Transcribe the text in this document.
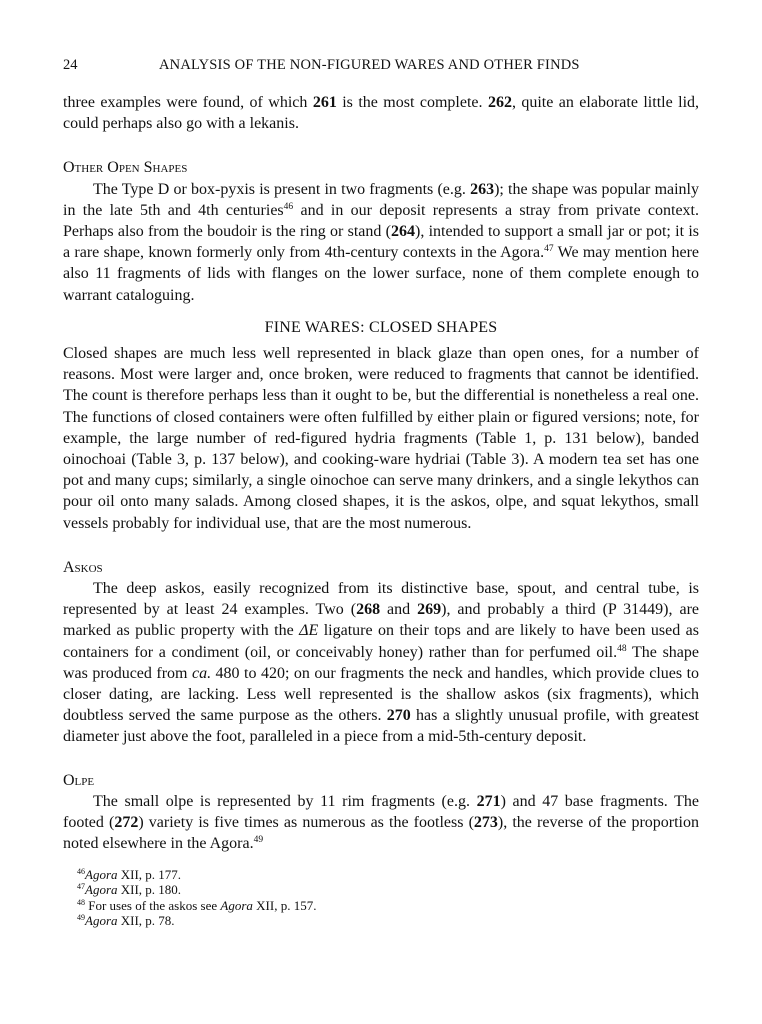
24	ANALYSIS OF THE NON-FIGURED WARES AND OTHER FINDS

three examples were found, of which 261 is the most complete. 262, quite an elaborate little lid, could perhaps also go with a lekanis.

Other Open Shapes

The Type D or box-pyxis is present in two fragments (e.g. 263); the shape was popular mainly in the late 5th and 4th centuries$^{46}$ and in our deposit represents a stray from private context. Perhaps also from the boudoir is the ring or stand (264), intended to support a small jar or pot; it is a rare shape, known formerly only from 4th-century contexts in the Agora.$^{47}$ We may mention here also 11 fragments of lids with flanges on the lower surface, none of them complete enough to warrant cataloguing.

FINE WARES: CLOSED SHAPES

Closed shapes are much less well represented in black glaze than open ones, for a number of reasons. Most were larger and, once broken, were reduced to fragments that cannot be identified. The count is therefore perhaps less than it ought to be, but the differential is nonetheless a real one. The functions of closed containers were often fulfilled by either plain or figured versions; note, for example, the large number of red-figured hydria fragments (Table 1, p. 131 below), banded oinochoai (Table 3, p. 137 below), and cooking-ware hydriai (Table 3). A modern tea set has one pot and many cups; similarly, a single oinochoe can serve many drinkers, and a single lekythos can pour oil onto many salads. Among closed shapes, it is the askos, olpe, and squat lekythos, small vessels probably for individual use, that are the most numerous.

Askos

The deep askos, easily recognized from its distinctive base, spout, and central tube, is represented by at least 24 examples. Two (268 and 269), and probably a third (P 31449), are marked as public property with the ΔE ligature on their tops and are likely to have been used as containers for a condiment (oil, or conceivably honey) rather than for perfumed oil.$^{48}$ The shape was produced from ca. 480 to 420; on our fragments the neck and handles, which provide clues to closer dating, are lacking. Less well represented is the shallow askos (six fragments), which doubtless served the same purpose as the others. 270 has a slightly unusual profile, with greatest diameter just above the foot, paralleled in a piece from a mid-5th-century deposit.

Olpe

The small olpe is represented by 11 rim fragments (e.g. 271) and 47 base fragments. The footed (272) variety is five times as numerous as the footless (273), the reverse of the proportion noted elsewhere in the Agora.$^{49}$

$^{46}$Agora XII, p. 177.

$^{47}$Agora XII, p. 180.

$^{48}$ For uses of the askos see Agora XII, p. 157.

$^{49}$Agora XII, p. 78.
